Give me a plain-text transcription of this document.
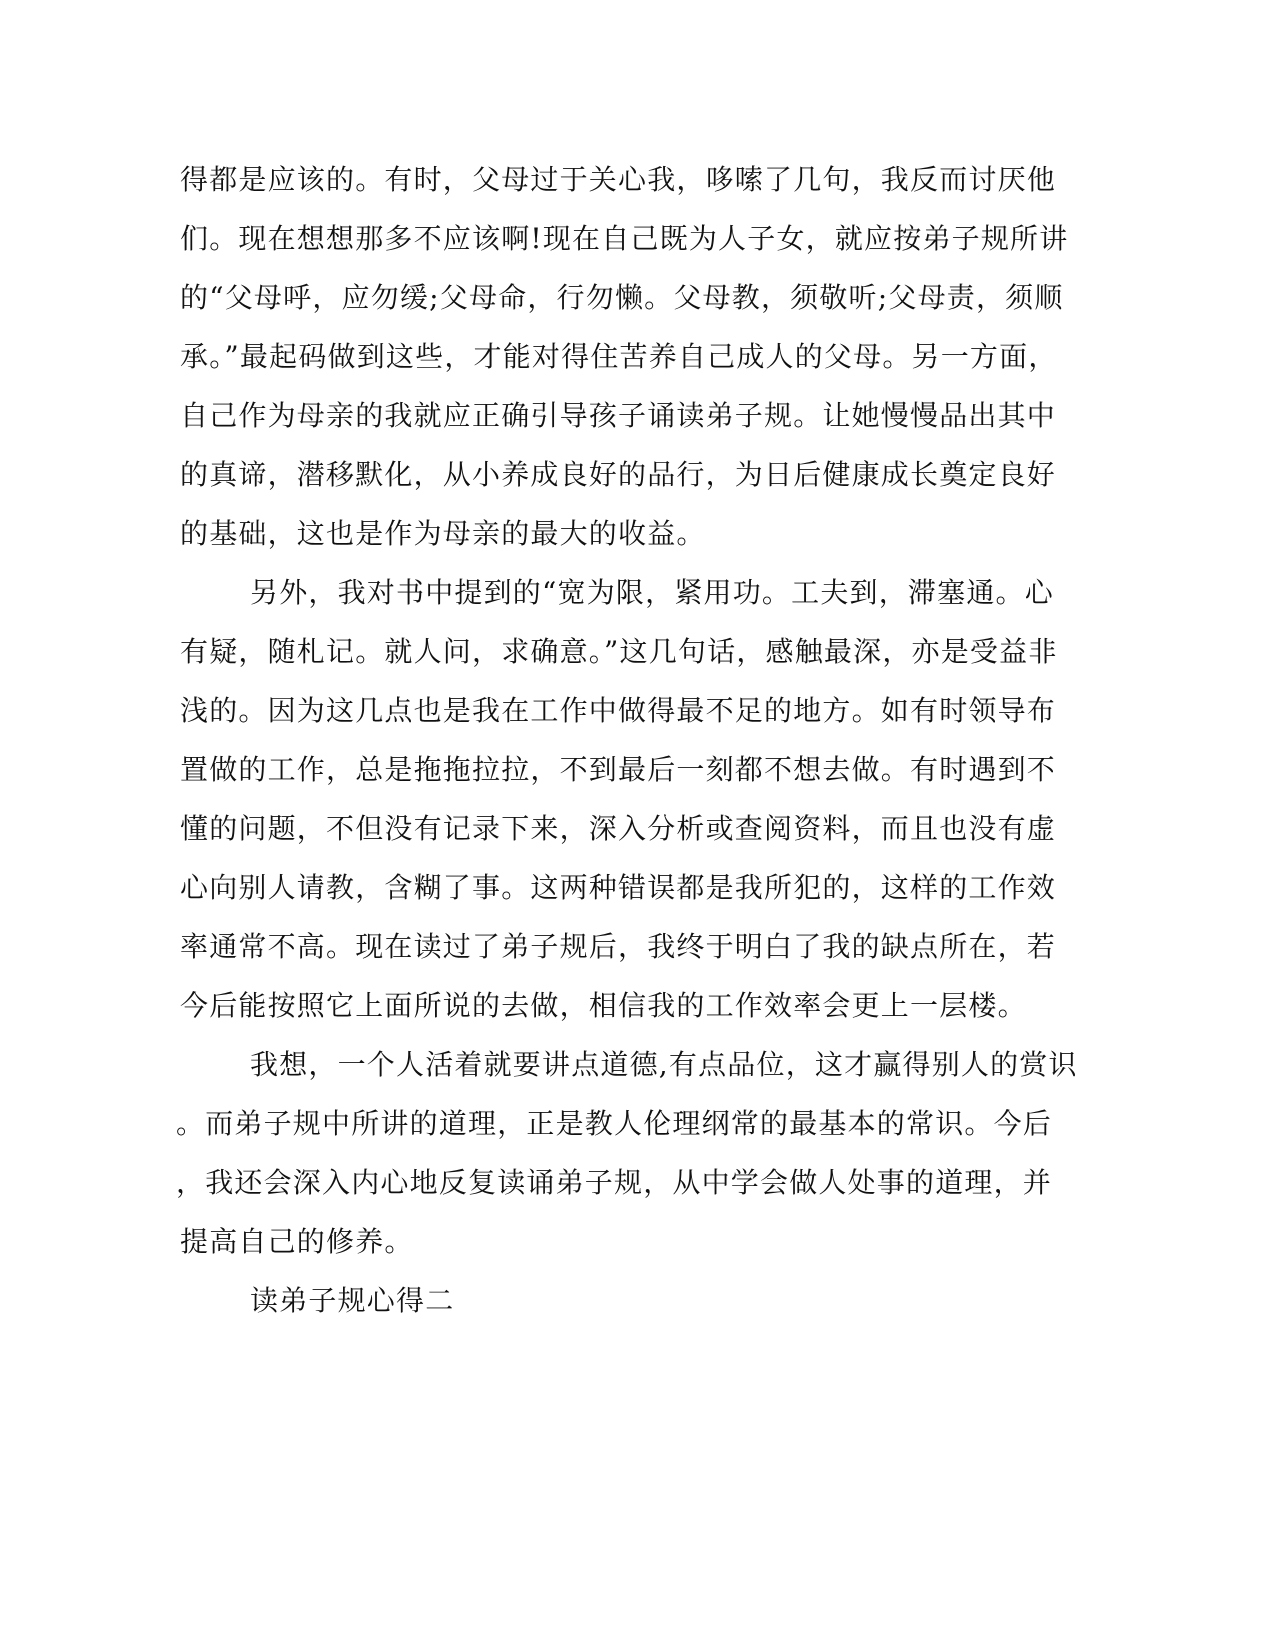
得都是应该的。有时，父母过于关心我，哆嗦了几句，我反而讨厌他
们。现在想想那多不应该啊!现在自己既为人子女，就应按弟子规所讲
的“父母呼，应勿缓;父母命，行勿懒。父母教，须敬听;父母责，须顺
承。”最起码做到这些，才能对得住苦养自己成人的父母。另一方面，
自己作为母亲的我就应正确引导孩子诵读弟子规。让她慢慢品出其中
的真谛，潜移默化，从小养成良好的品行，为日后健康成长奠定良好
的基础，这也是作为母亲的最大的收益。
另外，我对书中提到的“宽为限，紧用功。工夫到，滞塞通。心
有疑，随札记。就人问，求确意。”这几句话，感触最深，亦是受益非
浅的。因为这几点也是我在工作中做得最不足的地方。如有时领导布
置做的工作，总是拖拖拉拉，不到最后一刻都不想去做。有时遇到不
懂的问题，不但没有记录下来，深入分析或查阅资料，而且也没有虚
心向别人请教，含糊了事。这两种错误都是我所犯的，这样的工作效
率通常不高。现在读过了弟子规后，我终于明白了我的缺点所在，若
今后能按照它上面所说的去做，相信我的工作效率会更上一层楼。
我想，一个人活着就要讲点道德,有点品位，这才赢得别人的赏识
。而弟子规中所讲的道理，正是教人伦理纲常的最基本的常识。今后
，我还会深入内心地反复读诵弟子规，从中学会做人处事的道理，并
提高自己的修养。
读弟子规心得二
